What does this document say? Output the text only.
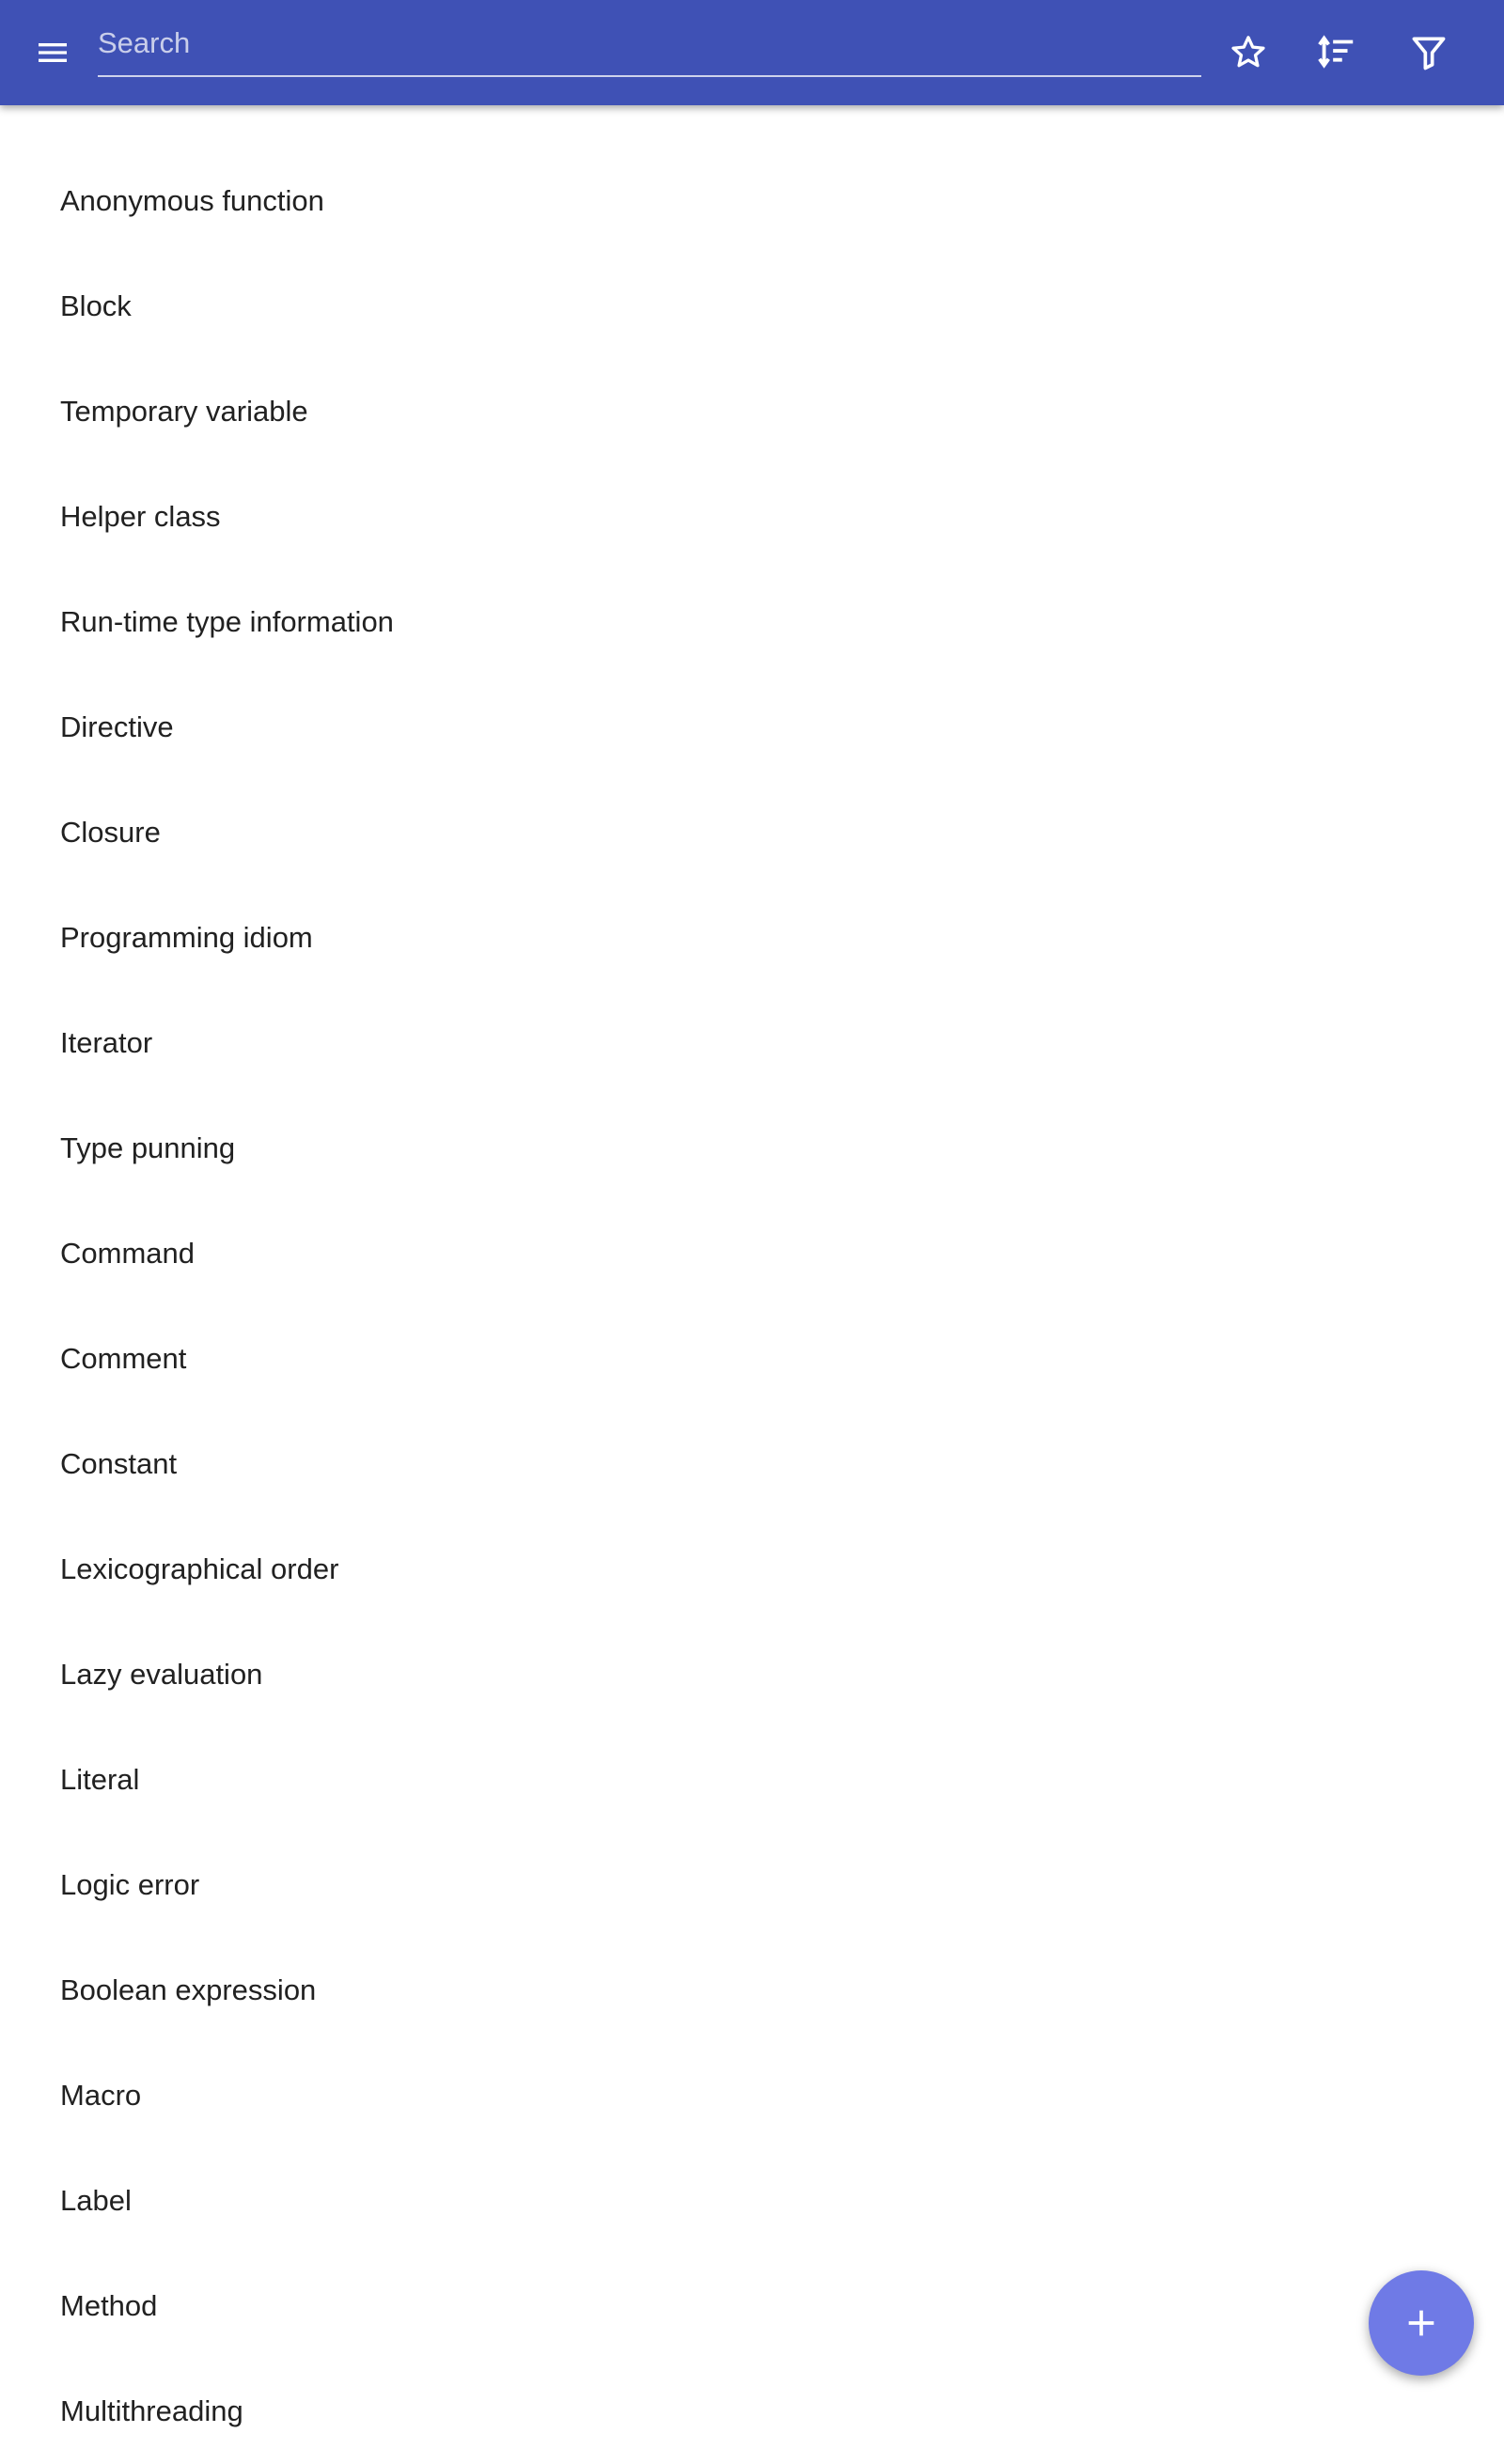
Search
Anonymous function
Block
Temporary variable
Helper class
Run-time type information
Directive
Closure
Programming idiom
Iterator
Type punning
Command
Comment
Constant
Lexicographical order
Lazy evaluation
Literal
Logic error
Boolean expression
Macro
Label
Method
Multithreading
